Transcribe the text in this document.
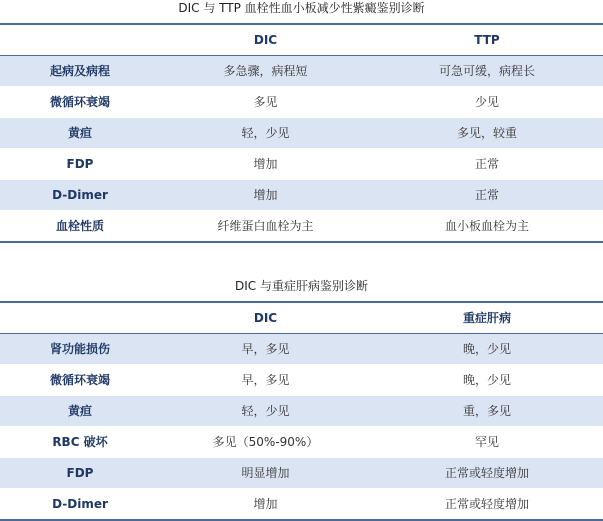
DIC 与 TTP 血栓性血小板减少性紫癜鉴别诊断
	DIC	TTP
起病及病程	多急骤，病程短	可急可缓，病程长
微循环衰竭	多见	少见
黄疸	轻，少见	多见，较重
FDP	增加	正常
D-Dimer	增加	正常
血栓性质	纤维蛋白血栓为主	血小板血栓为主
DIC 与重症肝病鉴别诊断
	DIC	重症肝病
肾功能损伤	早，多见	晚，少见
微循环衰竭	早，多见	晚，少见
黄疸	轻，少见	重，多见
RBC 破坏	多见（50%-90%）	罕见
FDP	明显增加	正常或轻度增加
D-Dimer	增加	正常或轻度增加
